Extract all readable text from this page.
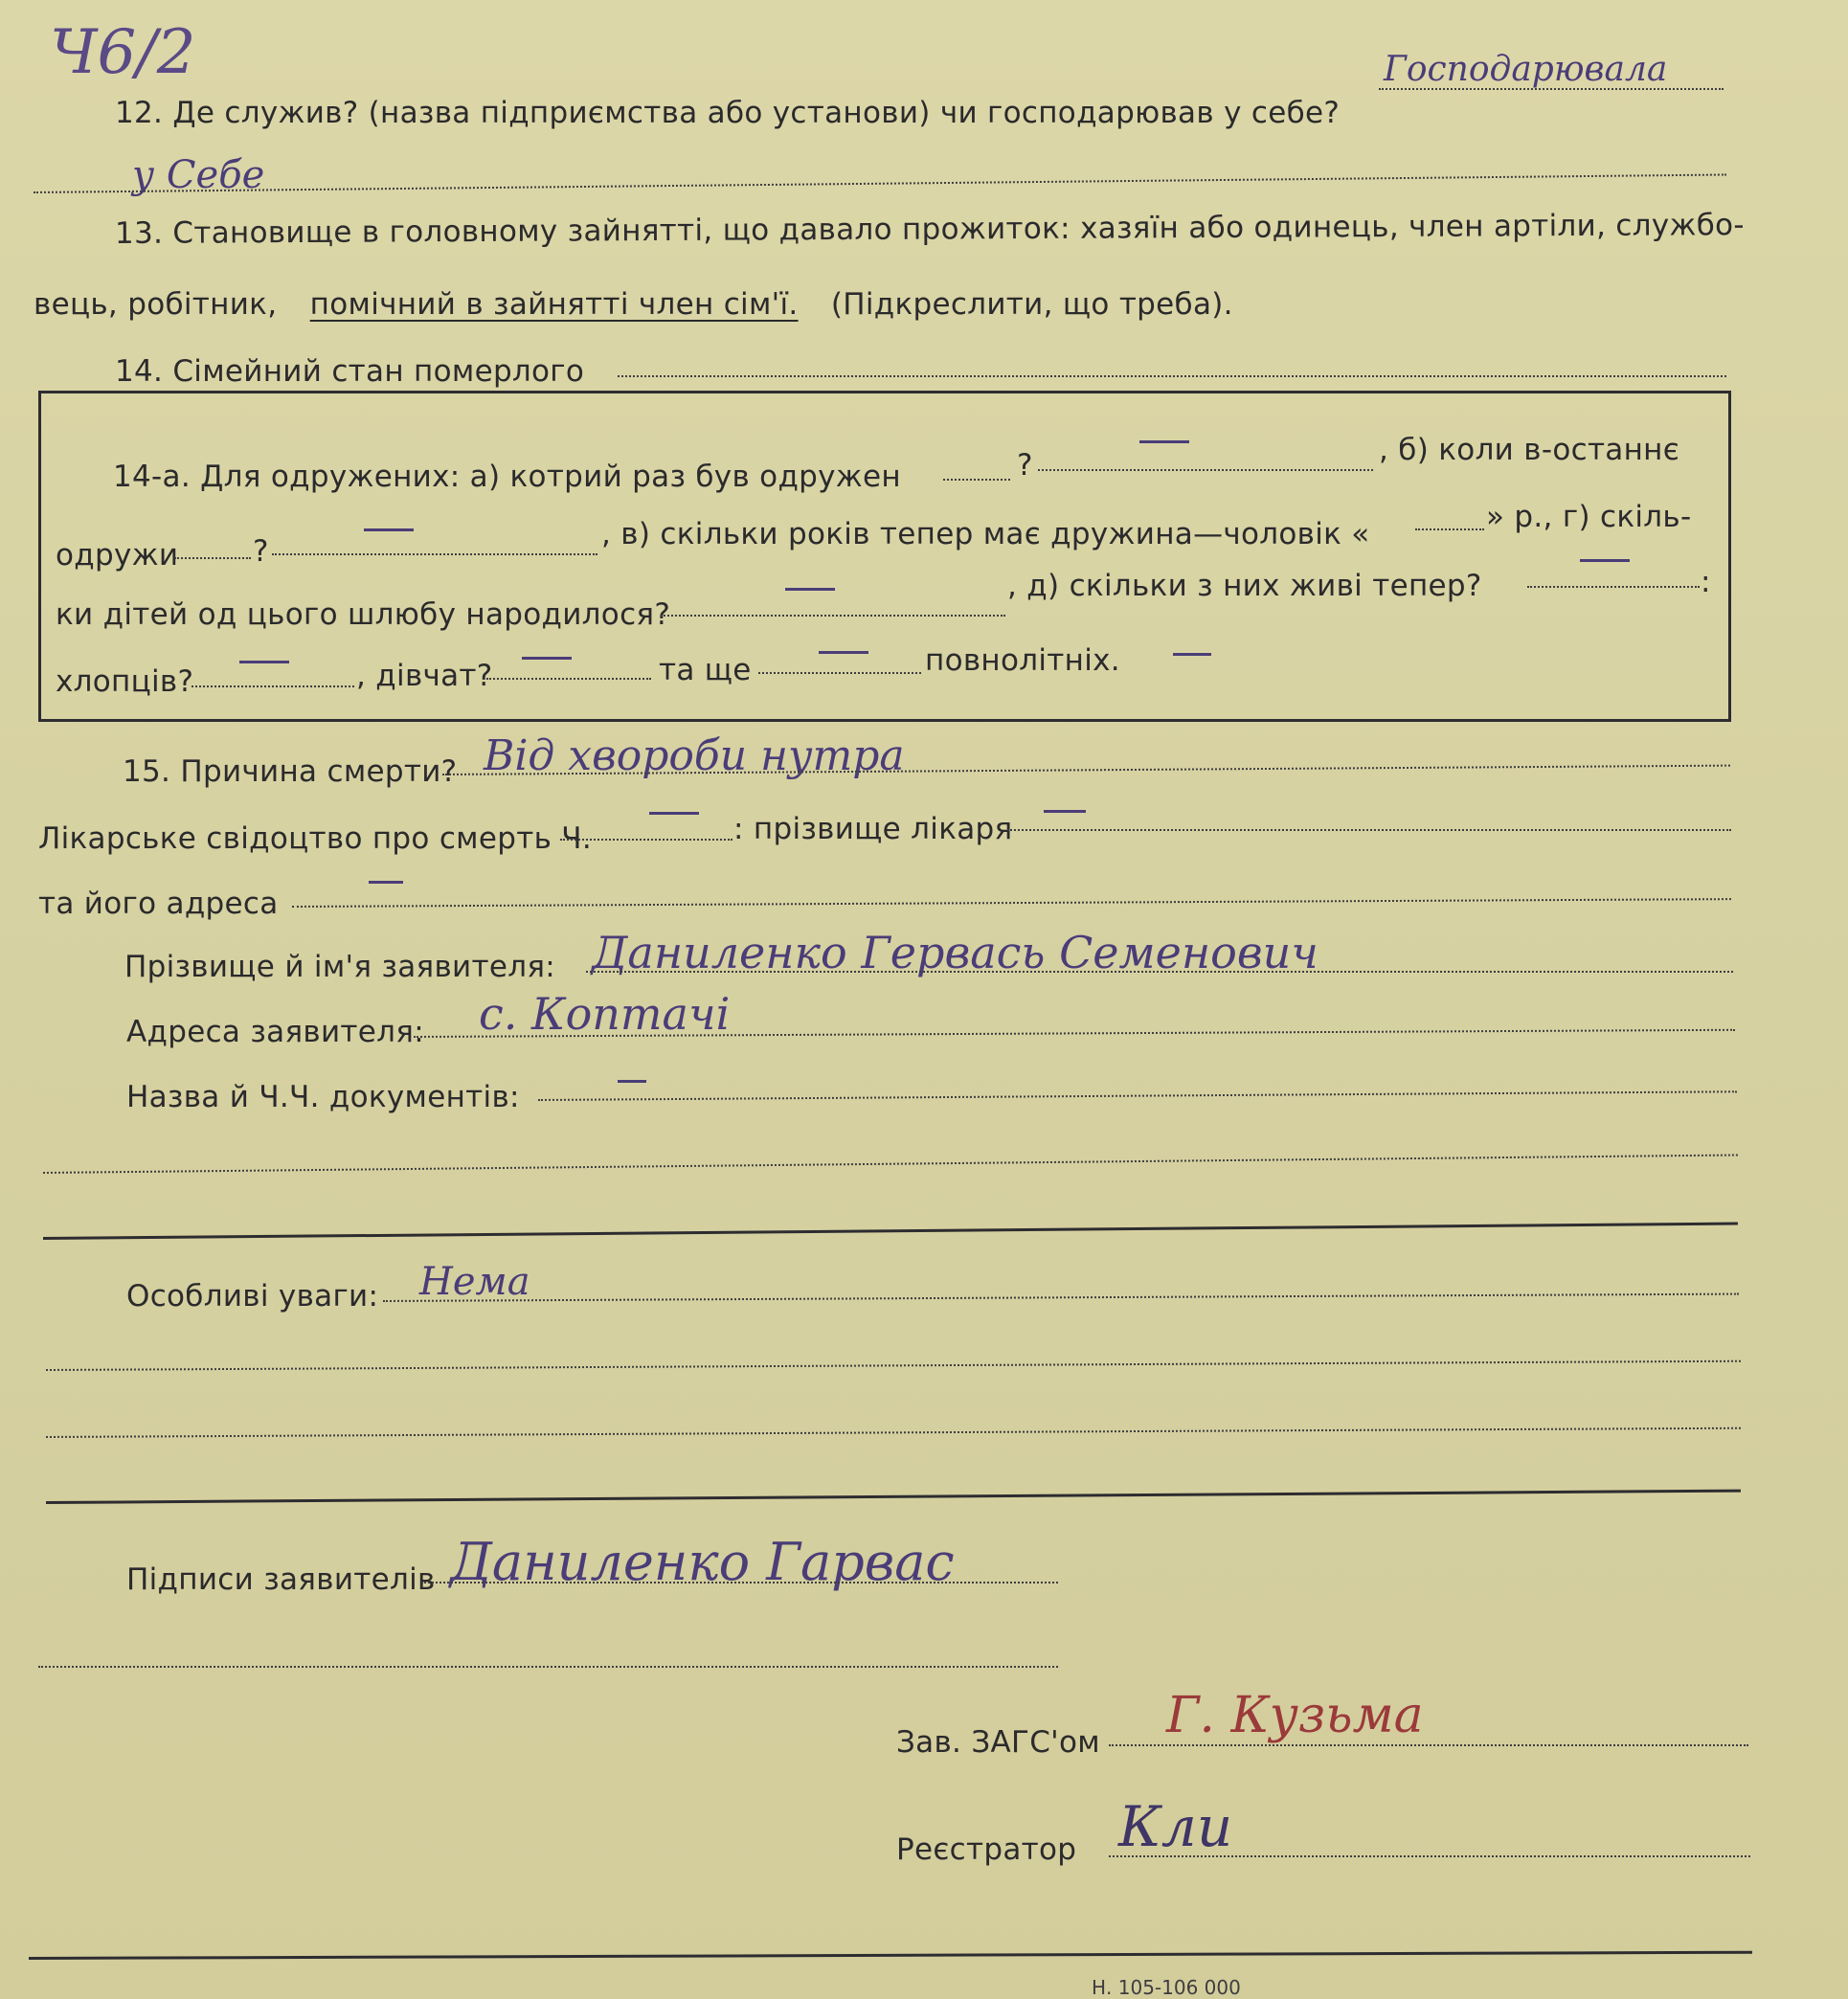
Ч6/2
12. Де служив? (назва підприємства або установи) чи господарював у себе?
Господарювала
у Себе
13. Становище в головному зайнятті, що давало прожиток: хазяїн або одинець, член артіли, службо-
вець, робітник, помічний в зайнятті член сім'ї. (Підкреслити, що треба).
14. Сімейний стан померлого
14-а. Для одружених: а) котрий раз був одружен	?	, б) коли в-останнє
одружи	?	, в) скільки років тепер має дружина—чоловік «	» р., г) скіль-
ки дітей од цього шлюбу народилося?
, д) скільки з них живі тепер?	:
хлопців?	, дівчат?	та ще	повнолітніх.
15. Причина смерти? Від хвороби нутра
Лікарське свідоцтво про смерть Ч.	: прізвище лікаря
та його адреса
Прізвище й ім'я заявителя: Даниленко Гервась Семенович
Адреса заявителя: с. Коптачі
Назва й Ч.Ч. документів:
Особливі уваги: Нема
Підписи заявителів Даниленко Гарвас
Зав. ЗАГС'ом Г. Кузьма
Реєстратор Кли
Н. 105-106 000
